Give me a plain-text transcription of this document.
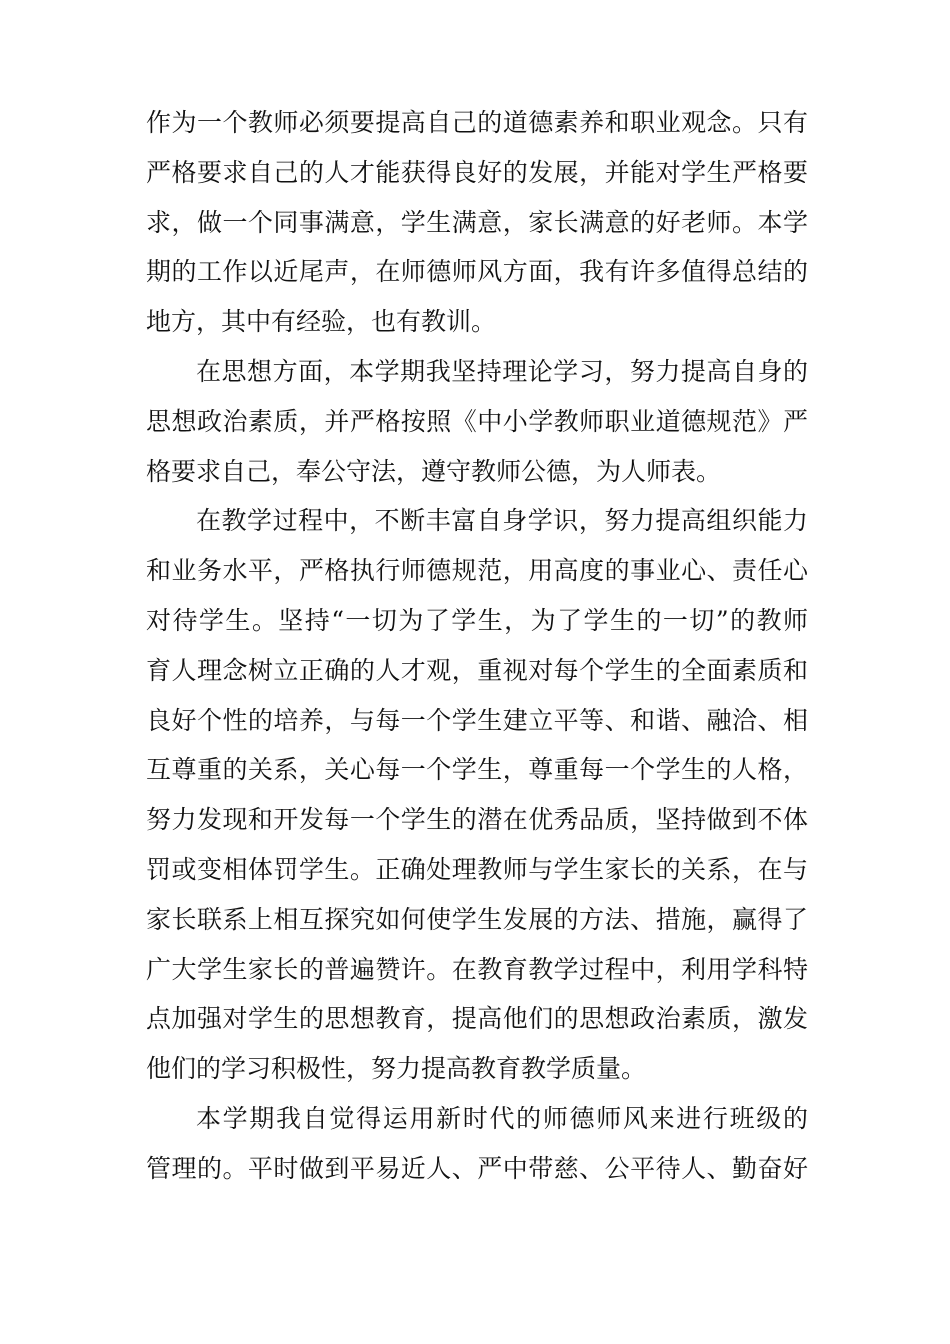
作为一个教师必须要提高自己的道德素养和职业观念。只有
严格要求自己的人才能获得良好的发展，并能对学生严格要
求，做一个同事满意，学生满意，家长满意的好老师。本学
期的工作以近尾声，在师德师风方面，我有许多值得总结的
地方，其中有经验，也有教训。
在思想方面，本学期我坚持理论学习，努力提高自身的
思想政治素质，并严格按照《中小学教师职业道德规范》严
格要求自己，奉公守法，遵守教师公德，为人师表。
在教学过程中，不断丰富自身学识，努力提高组织能力
和业务水平，严格执行师德规范，用高度的事业心、责任心
对待学生。坚持“一切为了学生，为了学生的一切”的教师
育人理念树立正确的人才观，重视对每个学生的全面素质和
良好个性的培养，与每一个学生建立平等、和谐、融洽、相
互尊重的关系，关心每一个学生，尊重每一个学生的人格，
努力发现和开发每一个学生的潜在优秀品质，坚持做到不体
罚或变相体罚学生。正确处理教师与学生家长的关系，在与
家长联系上相互探究如何使学生发展的方法、措施，赢得了
广大学生家长的普遍赞许。在教育教学过程中，利用学科特
点加强对学生的思想教育，提高他们的思想政治素质，激发
他们的学习积极性，努力提高教育教学质量。
本学期我自觉得运用新时代的师德师风来进行班级的
管理的。平时做到平易近人、严中带慈、公平待人、勤奋好
